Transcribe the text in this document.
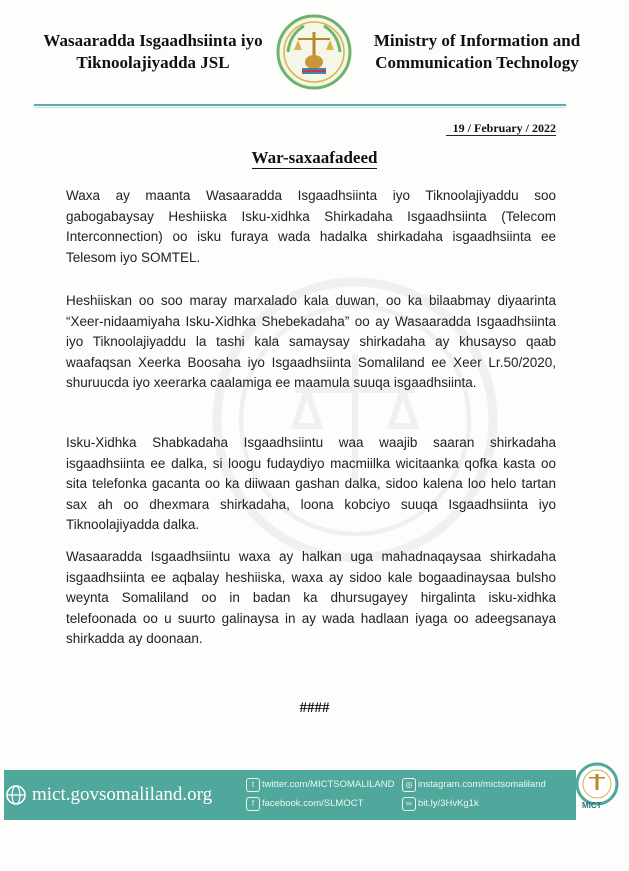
Wasaaradda Isgaadhsiinta iyo
Tiknoolajiyadda JSL
Ministry of Information and
Communication Technology
19 / February / 2022
War-saxaafadeed
Waxa ay maanta Wasaaradda Isgaadhsiinta iyo Tiknoolajiyaddu soo gabogabaysay Heshiiska Isku-xidhka Shirkadaha Isgaadhsiinta (Telecom Interconnection) oo isku furaya wada hadalka shirkadaha isgaadhsiinta ee Telesom iyo SOMTEL.
Heshiiskan oo soo maray marxalado kala duwan, oo ka bilaabmay diyaarinta “Xeer-nidaamiyaha Isku-Xidhka Shebekadaha” oo ay Wasaaradda Isgaadhsiinta iyo Tiknoolajiyaddu la tashi kala samaysay shirkadaha ay khusayso qaab waafaqsan Xeerka Boosaha iyo Isgaadhsiinta Somaliland ee Xeer Lr.50/2020, shuruucda iyo xeerarka caalamiga ee maamula suuqa isgaadhsiinta.
Isku-Xidhka Shabkadaha Isgaadhsiintu waa waajib saaran shirkadaha isgaadhsiinta ee dalka, si loogu fudaydiyo macmiilka wicitaanka qofka kasta oo sita telefonka gacanta oo ka diiwaan gashan dalka, sidoo kalena loo helo tartan sax ah oo dhexmara shirkadaha, loona kobciyo suuqa Isgaadhsiinta iyo Tiknoolajiyadda dalka.
Wasaaradda Isgaadhsiintu waxa ay halkan uga mahadnaqaysaa shirkadaha isgaadhsiinta ee aqbalay heshiiska, waxa ay sidoo kale bogaadinaysaa bulsho weynta Somaliland oo in badan ka dhursugayey hirgalinta isku-xidhka telefoonada oo u suurto galinaysa in ay wada hadlaan iyaga oo adeegsanaya shirkadda ay doonaan.
####
mict.govsomaliland.org	t twitter.com/MICTSOMALILAND
f facebook.com/SLMOCT
◎ instagram.com/mictsomaliland
∞ bit.ly/3HvKg1k	MICT
